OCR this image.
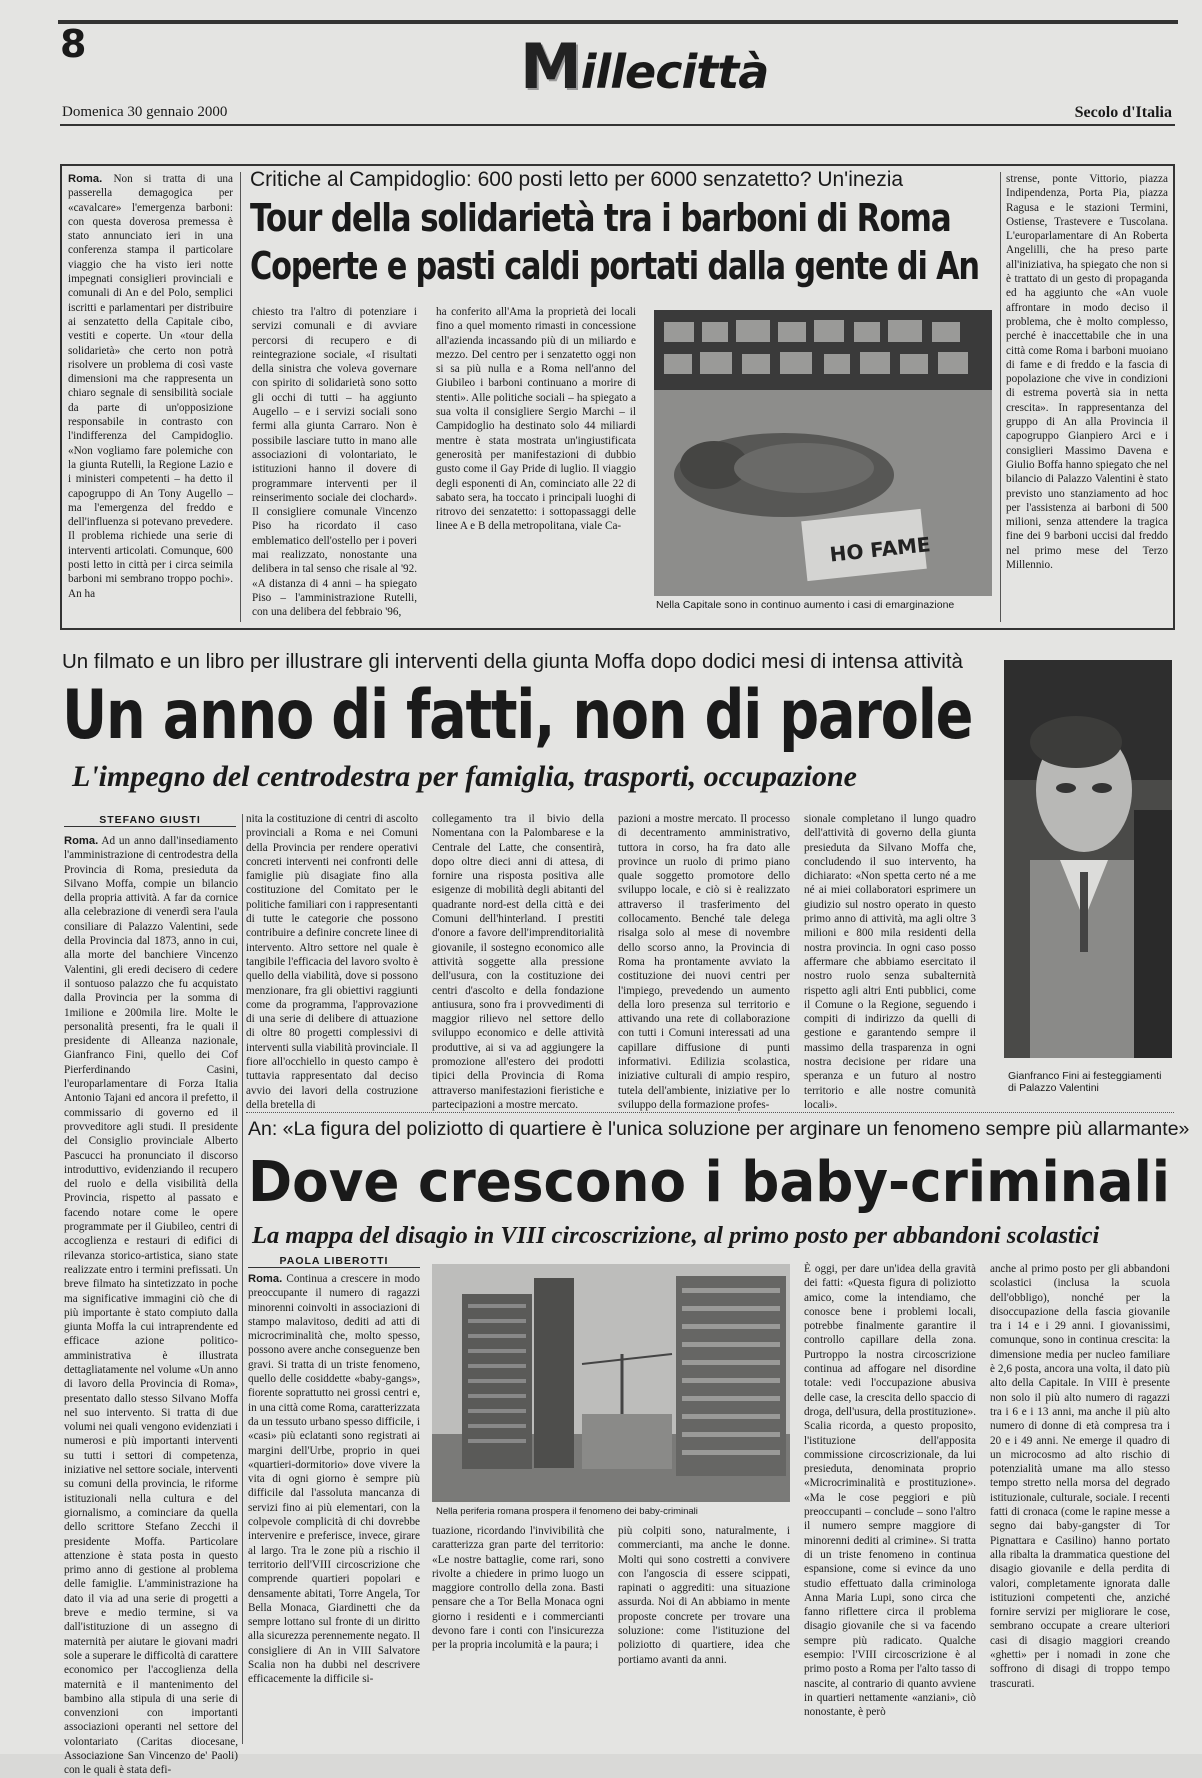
8	Millecittà
Domenica 30 gennaio 2000	Secolo d'Italia
Roma. Non si tratta di una passerella demagogica per «cavalcare» l'emergenza barboni: con questa doverosa premessa è stato annunciato ieri in una conferenza stampa il particolare viaggio che ha visto ieri notte impegnati consiglieri provinciali e comunali di An e del Polo, semplici iscritti e parlamentari per distribuire ai senzatetto della Capitale cibo, vestiti e coperte. Un «tour della solidarietà» che certo non potrà risolvere un problema di così vaste dimensioni ma che rappresenta un chiaro segnale di sensibilità sociale da parte di un'opposizione responsabile in contrasto con l'indifferenza del Campidoglio. «Non vogliamo fare polemiche con la giunta Rutelli, la Regione Lazio e i ministeri competenti – ha detto il capogruppo di An Tony Augello – ma l'emergenza del freddo e dell'influenza si potevano prevedere. Il problema richiede una serie di interventi articolati. Comunque, 600 posti letto in città per i circa seimila barboni mi sembrano troppo pochi». An ha
Critiche al Campidoglio: 600 posti letto per 6000 senzatetto? Un'inezia
Tour della solidarietà tra i barboni di Roma
Coperte e pasti caldi portati dalla gente di An
chiesto tra l'altro di potenziare i servizi comunali e di avviare percorsi di recupero e di reintegrazione sociale, «I risultati della sinistra che voleva governare con spirito di solidarietà sono sotto gli occhi di tutti – ha aggiunto Augello – e i servizi sociali sono fermi alla giunta Carraro. Non è possibile lasciare tutto in mano alle associazioni di volontariato, le istituzioni hanno il dovere di programmare interventi per il reinserimento sociale dei clochard». Il consigliere comunale Vincenzo Piso ha ricordato il caso emblematico dell'ostello per i poveri mai realizzato, nonostante una delibera in tal senso che risale al '92. «A distanza di 4 anni – ha spiegato Piso – l'amministrazione Rutelli, con una delibera del febbraio '96,
ha conferito all'Ama la proprietà dei locali fino a quel momento rimasti in concessione all'azienda incassando più di un miliardo e mezzo. Del centro per i senzatetto oggi non si sa più nulla e a Roma nell'anno del Giubileo i barboni continuano a morire di stenti». Alle politiche sociali – ha spiegato a sua volta il consigliere Sergio Marchi – il Campidoglio ha destinato solo 44 miliardi mentre è stata mostrata un'ingiustificata generosità per manifestazioni di dubbio gusto come il Gay Pride di luglio. Il viaggio degli esponenti di An, cominciato alle 22 di sabato sera, ha toccato i principali luoghi di ritrovo dei senzatetto: i sottopassaggi delle linee A e B della metropolitana, viale Ca-
HO FAME
Nella Capitale sono in continuo aumento i casi di emarginazione
strense, ponte Vittorio, piazza Indipendenza, Porta Pia, piazza Ragusa e le stazioni Termini, Ostiense, Trastevere e Tuscolana. L'europarlamentare di An Roberta Angelilli, che ha preso parte all'iniziativa, ha spiegato che non si è trattato di un gesto di propaganda ed ha aggiunto che «An vuole affrontare in modo deciso il problema, che è molto complesso, perché è inaccettabile che in una città come Roma i barboni muoiano di fame e di freddo e la fascia di popolazione che vive in condizioni di estrema povertà sia in netta crescita». In rappresentanza del gruppo di An alla Provincia il capogruppo Gianpiero Arci e i consiglieri Massimo Davena e Giulio Boffa hanno spiegato che nel bilancio di Palazzo Valentini è stato previsto uno stanziamento ad hoc per l'assistenza ai barboni di 500 milioni, senza attendere la tragica fine dei 9 barboni uccisi dal freddo nel primo mese del Terzo Millennio.
Un filmato e un libro per illustrare gli interventi della giunta Moffa dopo dodici mesi di intensa attività
Un anno di fatti, non di parole
L'impegno del centrodestra per famiglia, trasporti, occupazione
STEFANO GIUSTI
Roma. Ad un anno dall'insediamento l'amministrazione di centrodestra della Provincia di Roma, presieduta da Silvano Moffa, compie un bilancio della propria attività. A far da cornice alla celebrazione di venerdì sera l'aula consiliare di Palazzo Valentini, sede della Provincia dal 1873, anno in cui, alla morte del banchiere Vincenzo Valentini, gli eredi decisero di cedere il sontuoso palazzo che fu acquistato dalla Provincia per la somma di 1milione e 200mila lire. Molte le personalità presenti, fra le quali il presidente di Alleanza nazionale, Gianfranco Fini, quello dei Cof Pierferdinando Casini, l'europarlamentare di Forza Italia Antonio Tajani ed ancora il prefetto, il commissario di governo ed il provveditore agli studi. Il presidente del Consiglio provinciale Alberto Pascucci ha pronunciato il discorso introduttivo, evidenziando il recupero del ruolo e della visibilità della Provincia, rispetto al passato e facendo notare come le opere programmate per il Giubileo, centri di accoglienza e restauri di edifici di rilevanza storico-artistica, siano state realizzate entro i termini prefissati. Un breve filmato ha sintetizzato in poche ma significative immagini ciò che di più importante è stato compiuto dalla giunta Moffa la cui intraprendente ed efficace azione politico-amministrativa è illustrata dettagliatamente nel volume «Un anno di lavoro della Provincia di Roma», presentato dallo stesso Silvano Moffa nel suo intervento. Si tratta di due volumi nei quali vengono evidenziati i numerosi e più importanti interventi su tutti i settori di competenza, iniziative nel settore sociale, interventi su comuni della provincia, le riforme istituzionali nella cultura e del giornalismo, a cominciare da quella dello scrittore Stefano Zecchi il presidente Moffa. Particolare attenzione è stata posta in questo primo anno di gestione al problema delle famiglie. L'amministrazione ha dato il via ad una serie di progetti a breve e medio termine, si va dall'istituzione di un assegno di maternità per aiutare le giovani madri sole a superare le difficoltà di carattere economico per l'accoglienza della maternità e il mantenimento del bambino alla stipula di una serie di convenzioni con importanti associazioni operanti nel settore del volontariato (Caritas diocesane, Associazione San Vincenzo de' Paoli) con le quali è stata defi-
nita la costituzione di centri di ascolto provinciali a Roma e nei Comuni della Provincia per rendere operativi concreti interventi nei confronti delle famiglie più disagiate fino alla costituzione del Comitato per le politiche familiari con i rappresentanti di tutte le categorie che possono contribuire a definire concrete linee di intervento. Altro settore nel quale è tangibile l'efficacia del lavoro svolto è quello della viabilità, dove si possono menzionare, fra gli obiettivi raggiunti come da programma, l'approvazione di una serie di delibere di attuazione di oltre 80 progetti complessivi di interventi sulla viabilità provinciale. Il fiore all'occhiello in questo campo è tuttavia rappresentato dal deciso avvio dei lavori della costruzione della bretella di
collegamento tra il bivio della Nomentana con la Palombarese e la Centrale del Latte, che consentirà, dopo oltre dieci anni di attesa, di fornire una risposta positiva alle esigenze di mobilità degli abitanti del quadrante nord-est della città e dei Comuni dell'hinterland. I prestiti d'onore a favore dell'imprenditorialità giovanile, il sostegno economico alle attività soggette alla pressione dell'usura, con la costituzione dei centri d'ascolto e della fondazione antiusura, sono fra i provvedimenti di maggior rilievo nel settore dello sviluppo economico e delle attività produttive, ai si va ad aggiungere la promozione all'estero dei prodotti tipici della Provincia di Roma attraverso manifestazioni fieristiche e partecipazioni a mostre mercato.
pazioni a mostre mercato. Il processo di decentramento amministrativo, tuttora in corso, ha fra dato alle province un ruolo di primo piano quale soggetto promotore dello sviluppo locale, e ciò si è realizzato attraverso il trasferimento del collocamento. Benché tale delega risalga solo al mese di novembre dello scorso anno, la Provincia di Roma ha prontamente avviato la costituzione dei nuovi centri per l'impiego, prevedendo un aumento della loro presenza sul territorio e attivando una rete di collaborazione con tutti i Comuni interessati ad una capillare diffusione di punti informativi. Edilizia scolastica, iniziative culturali di ampio respiro, tutela dell'ambiente, iniziative per lo sviluppo della formazione profes-
sionale completano il lungo quadro dell'attività di governo della giunta presieduta da Silvano Moffa che, concludendo il suo intervento, ha dichiarato: «Non spetta certo né a me né ai miei collaboratori esprimere un giudizio sul nostro operato in questo primo anno di attività, ma agli oltre 3 milioni e 800 mila residenti della nostra provincia. In ogni caso posso affermare che abbiamo esercitato il nostro ruolo senza subalternità rispetto agli altri Enti pubblici, come il Comune o la Regione, seguendo i compiti di indirizzo da quelli di gestione e garantendo sempre il massimo della trasparenza in ogni nostra decisione per ridare una speranza e un futuro al nostro territorio e alle nostre comunità locali».
Gianfranco Fini ai festeggiamenti di Palazzo Valentini
An: «La figura del poliziotto di quartiere è l'unica soluzione per arginare un fenomeno sempre più allarmante»
Dove crescono i baby-criminali
La mappa del disagio in VIII circoscrizione, al primo posto per abbandoni scolastici
PAOLA LIBEROTTI
Roma. Continua a crescere in modo preoccupante il numero di ragazzi minorenni coinvolti in associazioni di stampo malavitoso, dediti ad atti di microcriminalità che, molto spesso, possono avere anche conseguenze ben gravi. Si tratta di un triste fenomeno, quello delle cosiddette «baby-gangs», fiorente soprattutto nei grossi centri e, in una città come Roma, caratterizzata da un tessuto urbano spesso difficile, i «casi» più eclatanti sono registrati ai margini dell'Urbe, proprio in quei «quartieri-dormitorio» dove vivere la vita di ogni giorno è sempre più difficile dal l'assoluta mancanza di servizi fino ai più elementari, con la colpevole complicità di chi dovrebbe intervenire e preferisce, invece, girare al largo. Tra le zone più a rischio il territorio dell'VIII circoscrizione che comprende quartieri popolari e densamente abitati, Torre Angela, Tor Bella Monaca, Giardinetti che da sempre lottano sul fronte di un diritto alla sicurezza perennemente negato. Il consigliere di An in VIII Salvatore Scalia non ha dubbi nel descrivere efficacemente la difficile si-
Nella periferia romana prospera il fenomeno dei baby-criminali
tuazione, ricordando l'invivibilità che caratterizza gran parte del territorio: «Le nostre battaglie, come rari, sono rivolte a chiedere in primo luogo un maggiore controllo della zona. Basti pensare che a Tor Bella Monaca ogni giorno i residenti e i commercianti devono fare i conti con l'insicurezza per la propria incolumità e la paura; i
più colpiti sono, naturalmente, i commercianti, ma anche le donne. Molti qui sono costretti a convivere con l'angoscia di essere scippati, rapinati o aggrediti: una situazione assurda. Noi di An abbiamo in mente proposte concrete per trovare una soluzione: come l'istituzione del poliziotto di quartiere, idea che portiamo avanti da anni.
È oggi, per dare un'idea della gravità dei fatti: «Questa figura di poliziotto amico, come la intendiamo, che conosce bene i problemi locali, potrebbe finalmente garantire il controllo capillare della zona. Purtroppo la nostra circoscrizione continua ad affogare nel disordine totale: vedi l'occupazione abusiva delle case, la crescita dello spaccio di droga, dell'usura, della prostituzione». Scalia ricorda, a questo proposito, l'istituzione dell'apposita commissione circoscrizionale, da lui presieduta, denominata proprio «Microcriminalità e prostituzione». «Ma le cose peggiori e più preoccupanti – conclude – sono l'altro il numero sempre maggiore di minorenni dediti al crimine». Si tratta di un triste fenomeno in continua espansione, come si evince da uno studio effettuato dalla criminologa Anna Maria Lupi, sono circa che fanno riflettere circa il problema disagio giovanile che si va facendo sempre più radicato. Qualche esempio: l'VIII circoscrizione è al primo posto a Roma per l'alto tasso di nascite, al contrario di quanto avviene in quartieri nettamente «anziani», ciò nonostante, è però
anche al primo posto per gli abbandoni scolastici (inclusa la scuola dell'obbligo), nonché per la disoccupazione della fascia giovanile tra i 14 e i 29 anni. I giovanissimi, comunque, sono in continua crescita: la dimensione media per nucleo familiare è 2,6 posta, ancora una volta, il dato più alto della Capitale. In VIII è presente non solo il più alto numero di ragazzi tra i 6 e i 13 anni, ma anche il più alto numero di donne di età compresa tra i 20 e i 49 anni. Ne emerge il quadro di un microcosmo ad alto rischio di potenzialità umane ma allo stesso tempo stretto nella morsa del degrado istituzionale, culturale, sociale. I recenti fatti di cronaca (come le rapine messe a segno dai baby-gangster di Tor Pignattara e Casilino) hanno portato alla ribalta la drammatica questione del disagio giovanile e della perdita di valori, completamente ignorata dalle istituzioni competenti che, anziché fornire servizi per migliorare le cose, sembrano occupate a creare ulteriori casi di disagio maggiori creando «ghetti» per i nomadi in zone che soffrono di disagi di troppo tempo trascurati.
